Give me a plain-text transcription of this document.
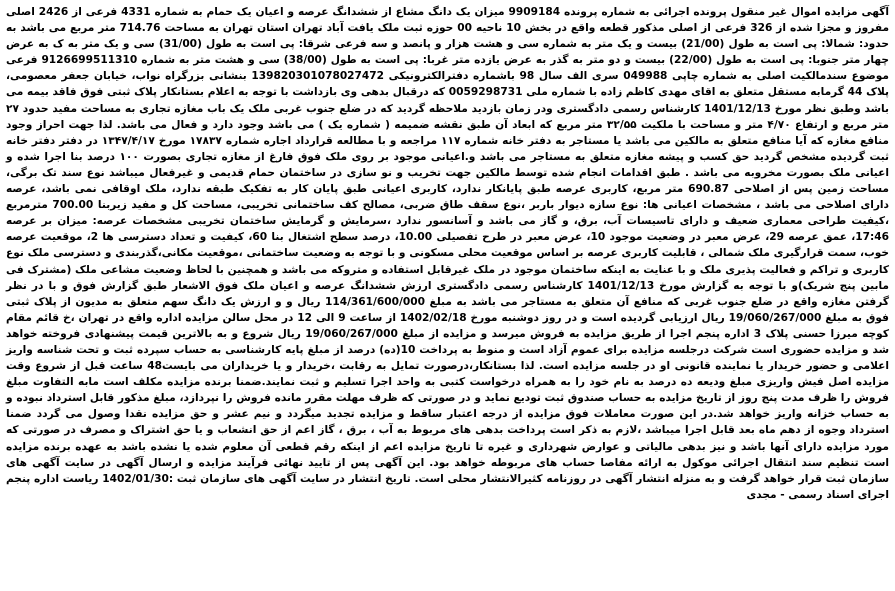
آگهی مزایده اموال غیر منقول پرونده اجرائی به شماره پرونده 9909184 میزان یک دانگ مشاع از ششدانگ عرصه و اعیان یک حمام به شماره 4331 فرعی از 2426 اصلی مفروز و مجزا شده از 326 فرعی از اصلی مذکور قطعه واقع در بخش 10 ناحیه 00 حوزه ثبت ملک یافت آباد تهران استان تهران به مساحت 714.76 متر مربع می باشد به حدود: شمالا: پی است به طول (21/00) بیست و یک متر به شماره سی و هشت هزار و پانصد و سه فرعی شرقا: پی است به طول (31/00) سی و یک متر به ک به عرض چهار متر جنوبا: پی است به طول (22/00) بیست و دو متر به گذر به عرض یازده متر غربا: پی است به طول (38/00) سی و هشت متر به شماره 9126699511310 فرعی موضوع سندمالکیت اصلی به شماره چاپی 049988 سری الف سال 98 باشماره دفترالکترونیکی 139820301078027472 بنشانی بزرگراه نواب، خیابان جعفر معصومی، پلاک 44 گرمابه مستقل متعلق به اقای مهدی کاظم زاده با شماره ملی 0059298731 که درقبال بدهی وی بازداشت با توجه به اعلام بستانکار پلاک ثبتی فوق فاقد بیمه می باشد وطبق نظر مورخ 1401/12/13 کارشناس رسمی دادگستری ودر زمان بازدید ملاحظه گردید که در ضلع جنوب غربی ملک یک باب مغازه تجاری به مساحت مفید حدود ۲۷ متر مربع و ارتفاع ۴/۷۰ متر و مساحت با ملکیت ۳۲/۵۵ متر مربع که ابعاد آن طبق نقشه ضمیمه ( شماره یک ) می باشد وجود دارد و فعال می باشد. لذا جهت احراز وجود منافع مغازه که آیا منافع متعلق به مالکین می باشد یا مستاجر به دفتر خانه شماره ۱۱۷ مراجعه و با مطالعه قرارداد اجاره شماره ۱۷۸۳۷ مورخ ۱۳۴۷/۴/۱۷ در دفتر دفتر خانه ثبت گردیده مشخص گردید حق کسب و پیشه مغازه متعلق به مستاجر می باشد و.اعیانی موجود بر روی ملک فوق فارغ از مغازه تجاری بصورت ۱۰۰ درصد بنا اجرا شده و اعیانی ملک بصورت مخروبه می باشد . طبق اقدامات انجام شده توسط مالکین جهت تخریب و نو سازی در ساختمان حمام قدیمی و غیرفعال میباشد نوع سند تک برگی، مساحت زمین پس از اصلاحی 690.87 متر مربع، کاربری عرصه طبق پایانکار ندارد، کاربری اعیانی طبق پایان کار به تفکیک طبقه ندارد، ملک اوقافی نمی باشد، عرصه دارای اصلاحی می باشد ، مشخصات اعیانی ها: نوع سازه دیوار باربر ،نوع سقف طاق ضربی، مصالح کف ساختمانی تخریبی، مساحت کل و مفید زیربنا 700.00 مترمربع ،کیفیت طراحی معماری ضعیف و دارای تاسیسات آب، برق، و گاز می باشد و آسانسور ندارد ،سرمایش و گرمایش ساختمان تخریبی مشخصات عرصه: میزان بر عرصه 17:46، عمق عرصه 29، عرض معبر در وضعیت موجود 10، عرض معبر در طرح تفصیلی 10.00، درصد سطح اشتغال بنا 60، کیفیت و تعداد دسترسی ها 2، موقعیت عرصه خوب، سمت قرارگیری ملک شمالی ، قابلیت کاربری عرصه بر اساس موقعیت محلی مسکونی و با توجه به وضعیت ساختمانی ،موقعیت مکانی،گذربندی و دسترسی ملک نوع کاربری و تراکم و فعالیت پذیری ملک و با عنایت به اینکه ساختمان موجود در ملک غیرقابل استفاده و متروکه می باشد و همچنین با لحاظ وضعیت مشاعی ملک (مشترک فی مابین پنج شریک)و با توجه به گزارش مورخ 1401/12/13 کارشناس رسمی دادگستری ارزش ششدانگ عرصه و اعیان ملک فوق الاشعار طبق گزارش فوق و با در نظر گرفتن مغازه واقع در ضلع جنوب غربی که منافع آن متعلق به مستاجر می باشد به مبلغ 114/361/600/000 ریال و و ارزش یک دانگ سهم متعلق به مدیون از پلاک ثبتی فوق به مبلغ 19/060/267/000 ریال ارزیابی گردیده است و در روز دوشنبه مورخ 1402/02/18 از ساعت 9 الی 12 در محل سالن مزایده اداره واقع در تهران ،خ قائم مقام کوچه میرزا حسنی پلاک 3 اداره پنجم اجرا از طریق مزایده به فروش میرسد و مزایده از مبلغ 19/060/267/000 ریال شروع و به بالاترین قیمت پیشنهادی فروخته خواهد شد و مزایده حضوری است شرکت درجلسه مزایده برای عموم آزاد است و منوط به پرداخت 10(ده) درصد از مبلغ پایه کارشناسی به حساب سپرده ثبت و تحت شناسه واریز اعلامی و حضور خریدار یا نماینده قانونی او در جلسه مزایده است. لذا بستانکار،درصورت تمایل به رقابت ،خریدار و یا خریداران می بایست48 ساعت قبل از شروع وقت مزایده اصل فیش واریزی مبلغ ودیعه ده درصد به نام خود را به همراه درخواست کتبی به واحد اجرا تسلیم و ثبت نمایند.ضمنا برنده مزایده مکلف است مابه التفاوت مبلغ فروش را ظرف مدت پنج روز از تاریخ مزایده به حساب صندوق ثبت تودیع نماید و در صورتی که ظرف مهلت مقرر مانده فروش را نپردازد، مبلغ مذکور قابل استرداد نبوده و به حساب خزانه واریز خواهد شد.در این صورت معاملات فوق مزایده از درجه اعتبار ساقط و مزایده تجدید میگردد و نیم عشر و حق مزایده نقدا وصول می گردد ضمنا استرداد وجوه از دهم ماه بعد قابل اجرا میباشد ،لازم به ذکر است پرداخت بدهی های مربوط به آب ، برق ، گاز اعم از حق انشعاب و یا حق اشتراک و مصرف در صورتی که مورد مزایده دارای آنها باشد و نیز بدهی مالیاتی و عوارض شهرداری و غیره تا تاریخ مزایده اعم از اینکه رقم قطعی آن معلوم شده یا نشده باشد به عهده برنده مزایده است تنظیم سند انتقال اجرائی موکول به ارائه مفاصا حساب های مربوطه خواهد بود. این آگهی پس از تایید نهائی فرآیند مزایده و ارسال آگهی در سایت آگهی های سازمان ثبت قرار خواهد گرفت و به منزله انتشار آگهی در روزنامه کثیرالانتشار محلی است. تاریخ انتشار در سایت آگهی های سازمان ثبت :1402/01/30 ریاست اداره پنجم اجرای اسناد رسمی - مجدی
